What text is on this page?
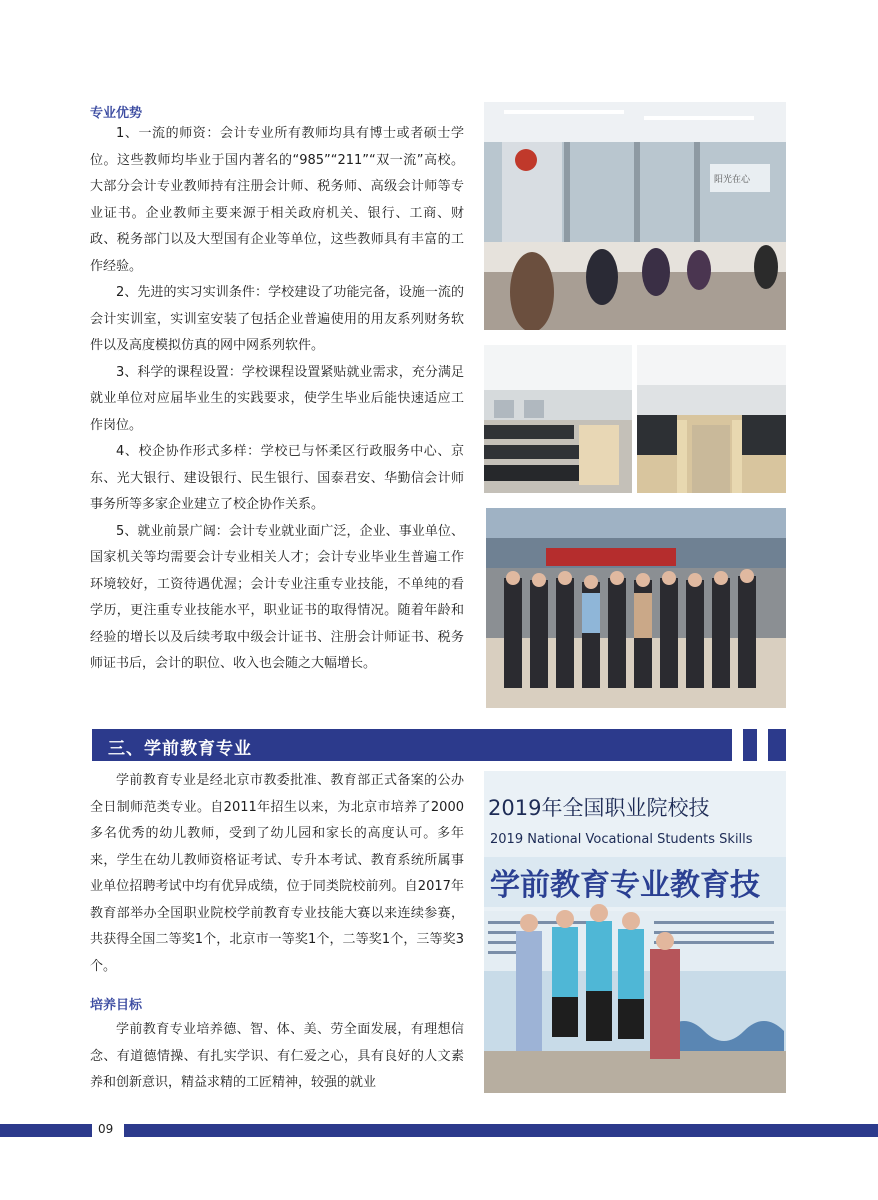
专业优势

1、一流的师资：会计专业所有教师均具有博士或者硕士学位。这些教师均毕业于国内著名的“985”“211”“双一流”高校。大部分会计专业教师持有注册会计师、税务师、高级会计师等专业证书。企业教师主要来源于相关政府机关、银行、工商、财政、税务部门以及大型国有企业等单位，这些教师具有丰富的工作经验。

2、先进的实习实训条件：学校建设了功能完备，设施一流的会计实训室，实训室安装了包括企业普遍使用的用友系列财务软件以及高度模拟仿真的网中网系列软件。

3、科学的课程设置：学校课程设置紧贴就业需求，充分满足就业单位对应届毕业生的实践要求，使学生毕业后能快速适应工作岗位。

4、校企协作形式多样：学校已与怀柔区行政服务中心、京东、光大银行、建设银行、民生银行、国泰君安、华勤信会计师事务所等多家企业建立了校企协作关系。

5、就业前景广阔：会计专业就业面广泛，企业、事业单位、国家机关等均需要会计专业相关人才；会计专业毕业生普遍工作环境较好，工资待遇优渥；会计专业注重专业技能，不单纯的看学历，更注重专业技能水平，职业证书的取得情况。随着年龄和经验的增长以及后续考取中级会计证书、注册会计师证书、税务师证书后，会计的职位、收入也会随之大幅增长。

阳光在心
三、学前教育专业

学前教育专业是经北京市教委批准、教育部正式备案的公办全日制师范类专业。自2011年招生以来，为北京市培养了2000多名优秀的幼儿教师，受到了幼儿园和家长的高度认可。多年来，学生在幼儿教师资格证考试、专升本考试、教育系统所属事业单位招聘考试中均有优异成绩，位于同类院校前列。自2017年教育部举办全国职业院校学前教育专业技能大赛以来连续参赛，共获得全国二等奖1个，北京市一等奖1个，二等奖1个，三等奖3个。

培养目标

学前教育专业培养德、智、体、美、劳全面发展，有理想信念、有道德情操、有扎实学识、有仁爱之心，具有良好的人文素养和创新意识，精益求精的工匠精神，较强的就业

2019年全国职业院校技
2019 National Vocational Students Skills
学前教育专业教育技
09
